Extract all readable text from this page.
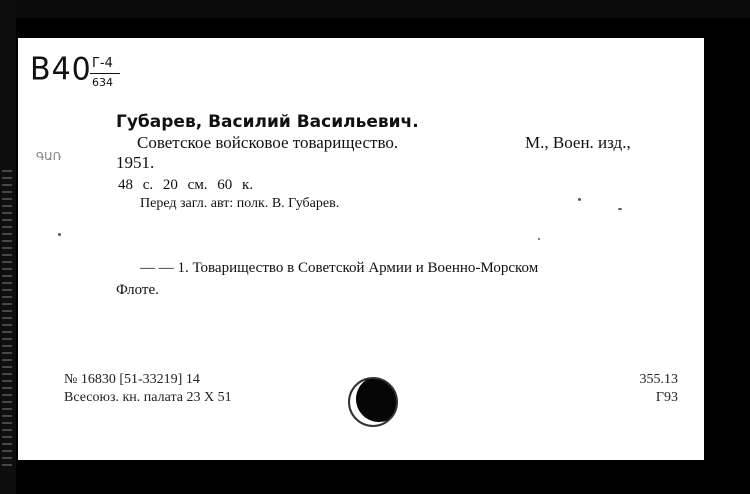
В40 Г-4
634
ԳԱՌ
Губарев, Василий Васильевич.
Советское войсковое товарищество.	М., Воен. изд.,
1951.
48 с. 20 см. 60 к.
Перед загл. авт: полк. В. Губарев.
— — 1. Товарищество в Советской Армии и Военно-Морском
Флоте.
№ 16830 [51-33219] 14
Всесоюз. кн. палата 23 X 51
355.13
Г93
